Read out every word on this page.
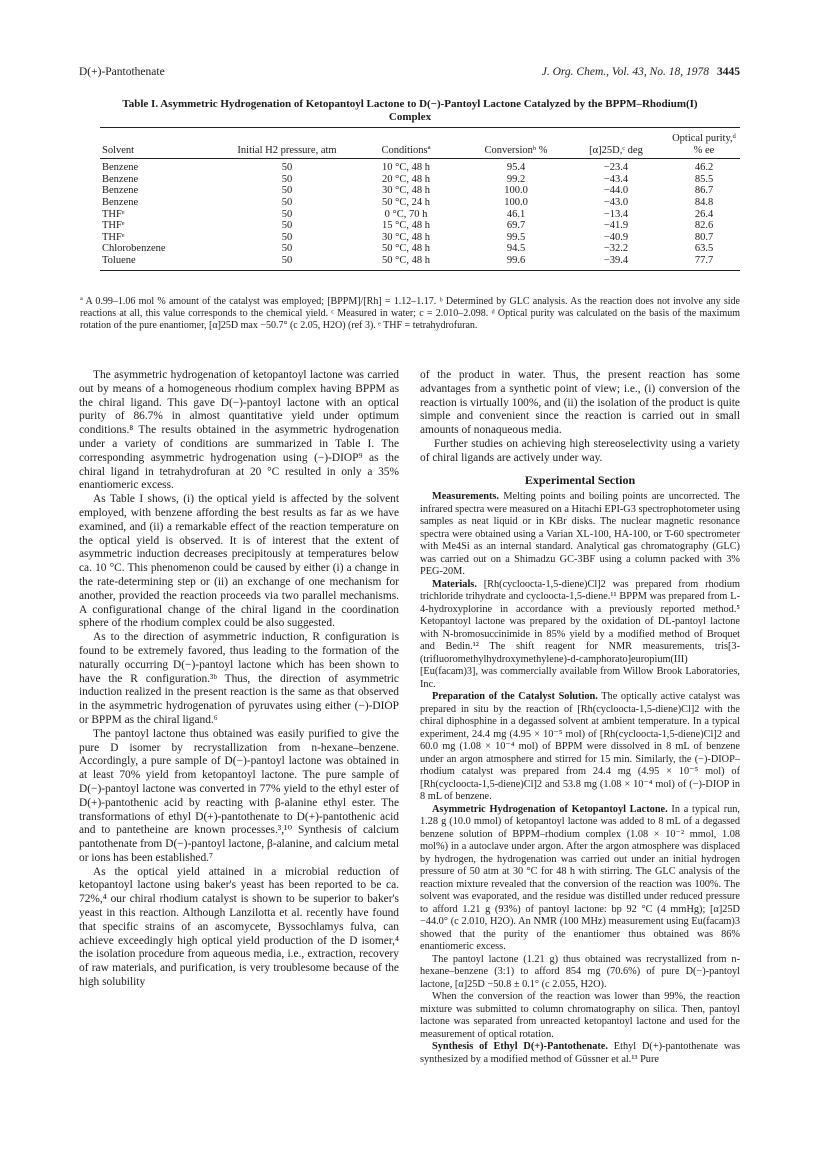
D(+)-Pantothenate	J. Org. Chem., Vol. 43, No. 18, 1978 3445
Table I. Asymmetric Hydrogenation of Ketopantoyl Lactone to D(−)-Pantoyl Lactone Catalyzed by the BPPM–Rhodium(I) Complex
Solvent	Initial H2 pressure, atm	Conditionsª	Conversionᵇ %	[α]25D,ᶜ deg	Optical purity,ᵈ % ee

Benzene	50	10 °C, 48 h	95.4	−23.4	46.2
Benzene	50	20 °C, 48 h	99.2	−43.4	85.5
Benzene	50	30 °C, 48 h	100.0	−44.0	86.7
Benzene	50	50 °C, 24 h	100.0	−43.0	84.8
THFᵉ	50	0 °C, 70 h	46.1	−13.4	26.4
THFᵉ	50	15 °C, 48 h	69.7	−41.9	82.6
THFᵉ	50	30 °C, 48 h	99.5	−40.9	80.7
Chlorobenzene	50	50 °C, 48 h	94.5	−32.2	63.5
Toluene	50	50 °C, 48 h	99.6	−39.4	77.7
ª A 0.99–1.06 mol % amount of the catalyst was employed; [BPPM]/[Rh] = 1.12–1.17. ᵇ Determined by GLC analysis. As the reaction does not involve any side reactions at all, this value corresponds to the chemical yield. ᶜ Measured in water; c = 2.010–2.098. ᵈ Optical purity was calculated on the basis of the maximum rotation of the pure enantiomer, [α]25D max −50.7° (c 2.05, H2O) (ref 3). ᵉ THF = tetrahydrofuran.

The asymmetric hydrogenation of ketopantoyl lactone was carried out by means of a homogeneous rhodium complex having BPPM as the chiral ligand. This gave D(−)-pantoyl lactone with an optical purity of 86.7% in almost quantitative yield under optimum conditions.⁸ The results obtained in the asymmetric hydrogenation under a variety of conditions are summarized in Table I. The corresponding asymmetric hydrogenation using (−)-DIOP⁹ as the chiral ligand in tetrahydrofuran at 20 °C resulted in only a 35% enantiomeric excess.

As Table I shows, (i) the optical yield is affected by the solvent employed, with benzene affording the best results as far as we have examined, and (ii) a remarkable effect of the reaction temperature on the optical yield is observed. It is of interest that the extent of asymmetric induction decreases precipitously at temperatures below ca. 10 °C. This phenomenon could be caused by either (i) a change in the rate-determining step or (ii) an exchange of one mechanism for another, provided the reaction proceeds via two parallel mechanisms. A configurational change of the chiral ligand in the coordination sphere of the rhodium complex could be also suggested.

As to the direction of asymmetric induction, R configuration is found to be extremely favored, thus leading to the formation of the naturally occurring D(−)-pantoyl lactone which has been shown to have the R configuration.³ᵇ Thus, the direction of asymmetric induction realized in the present reaction is the same as that observed in the asymmetric hydrogenation of pyruvates using either (−)-DIOP or BPPM as the chiral ligand.⁶

The pantoyl lactone thus obtained was easily purified to give the pure D isomer by recrystallization from n-hexane–benzene. Accordingly, a pure sample of D(−)-pantoyl lactone was obtained in at least 70% yield from ketopantoyl lactone. The pure sample of D(−)-pantoyl lactone was converted in 77% yield to the ethyl ester of D(+)-pantothenic acid by reacting with β-alanine ethyl ester. The transformations of ethyl D(+)-pantothenate to D(+)-pantothenic acid and to pantetheine are known processes.³,¹⁰ Synthesis of calcium pantothenate from D(−)-pantoyl lactone, β-alanine, and calcium metal or ions has been established.⁷

As the optical yield attained in a microbial reduction of ketopantoyl lactone using baker's yeast has been reported to be ca. 72%,⁴ our chiral rhodium catalyst is shown to be superior to baker's yeast in this reaction. Although Lanzilotta et al. recently have found that specific strains of an ascomycete, Byssochlamys fulva, can achieve exceedingly high optical yield production of the D isomer,⁴ the isolation procedure from aqueous media, i.e., extraction, recovery of raw materials, and purification, is very troublesome because of the high solubility

of the product in water. Thus, the present reaction has some advantages from a synthetic point of view; i.e., (i) conversion of the reaction is virtually 100%, and (ii) the isolation of the product is quite simple and convenient since the reaction is carried out in small amounts of nonaqueous media.

Further studies on achieving high stereoselectivity using a variety of chiral ligands are actively under way.

Experimental Section

Measurements. Melting points and boiling points are uncorrected. The infrared spectra were measured on a Hitachi EPI-G3 spectrophotometer using samples as neat liquid or in KBr disks. The nuclear magnetic resonance spectra were obtained using a Varian XL-100, HA-100, or T-60 spectrometer with Me4Si as an internal standard. Analytical gas chromatography (GLC) was carried out on a Shimadzu GC-3BF using a column packed with 3% PEG-20M.

Materials. [Rh(cycloocta-1,5-diene)Cl]2 was prepared from rhodium trichloride trihydrate and cycloocta-1,5-diene.¹¹ BPPM was prepared from L-4-hydroxyplorine in accordance with a previously reported method.⁵ Ketopantoyl lactone was prepared by the oxidation of DL-pantoyl lactone with N-bromosuccinimide in 85% yield by a modified method of Broquet and Bedin.¹² The shift reagent for NMR measurements, tris[3-(trifluoromethylhydroxymethylene)-d-camphorato]europium(III) [Eu(facam)3], was commercially available from Willow Brook Laboratories, Inc.

Preparation of the Catalyst Solution. The optically active catalyst was prepared in situ by the reaction of [Rh(cycloocta-1,5-diene)Cl]2 with the chiral diphosphine in a degassed solvent at ambient temperature. In a typical experiment, 24.4 mg (4.95 × 10⁻⁵ mol) of [Rh(cycloocta-1,5-diene)Cl]2 and 60.0 mg (1.08 × 10⁻⁴ mol) of BPPM were dissolved in 8 mL of benzene under an argon atmosphere and stirred for 15 min. Similarly, the (−)-DIOP–rhodium catalyst was prepared from 24.4 mg (4.95 × 10⁻⁵ mol) of [Rh(cycloocta-1,5-diene)Cl]2 and 53.8 mg (1.08 × 10⁻⁴ mol) of (−)-DIOP in 8 mL of benzene.

Asymmetric Hydrogenation of Ketopantoyl Lactone. In a typical run, 1.28 g (10.0 mmol) of ketopantoyl lactone was added to 8 mL of a degassed benzene solution of BPPM–rhodium complex (1.08 × 10⁻² mmol, 1.08 mol%) in a autoclave under argon. After the argon atmosphere was displaced by hydrogen, the hydrogenation was carried out under an initial hydrogen pressure of 50 atm at 30 °C for 48 h with stirring. The GLC analysis of the reaction mixture revealed that the conversion of the reaction was 100%. The solvent was evaporated, and the residue was distilled under reduced pressure to afford 1.21 g (93%) of pantoyl lactone: bp 92 °C (4 mmHg); [α]25D −44.0° (c 2.010, H2O). An NMR (100 MHz) measurement using Eu(facam)3 showed that the purity of the enantiomer thus obtained was 86% enantiomeric excess.

The pantoyl lactone (1.21 g) thus obtained was recrystallized from n-hexane–benzene (3:1) to afford 854 mg (70.6%) of pure D(−)-pantoyl lactone, [α]25D −50.8 ± 0.1° (c 2.055, H2O).

When the conversion of the reaction was lower than 99%, the reaction mixture was submitted to column chromatography on silica. Then, pantoyl lactone was separated from unreacted ketopantoyl lactone and used for the measurement of optical rotation.

Synthesis of Ethyl D(+)-Pantothenate. Ethyl D(+)-pantothenate was synthesized by a modified method of Güssner et al.¹³ Pure
